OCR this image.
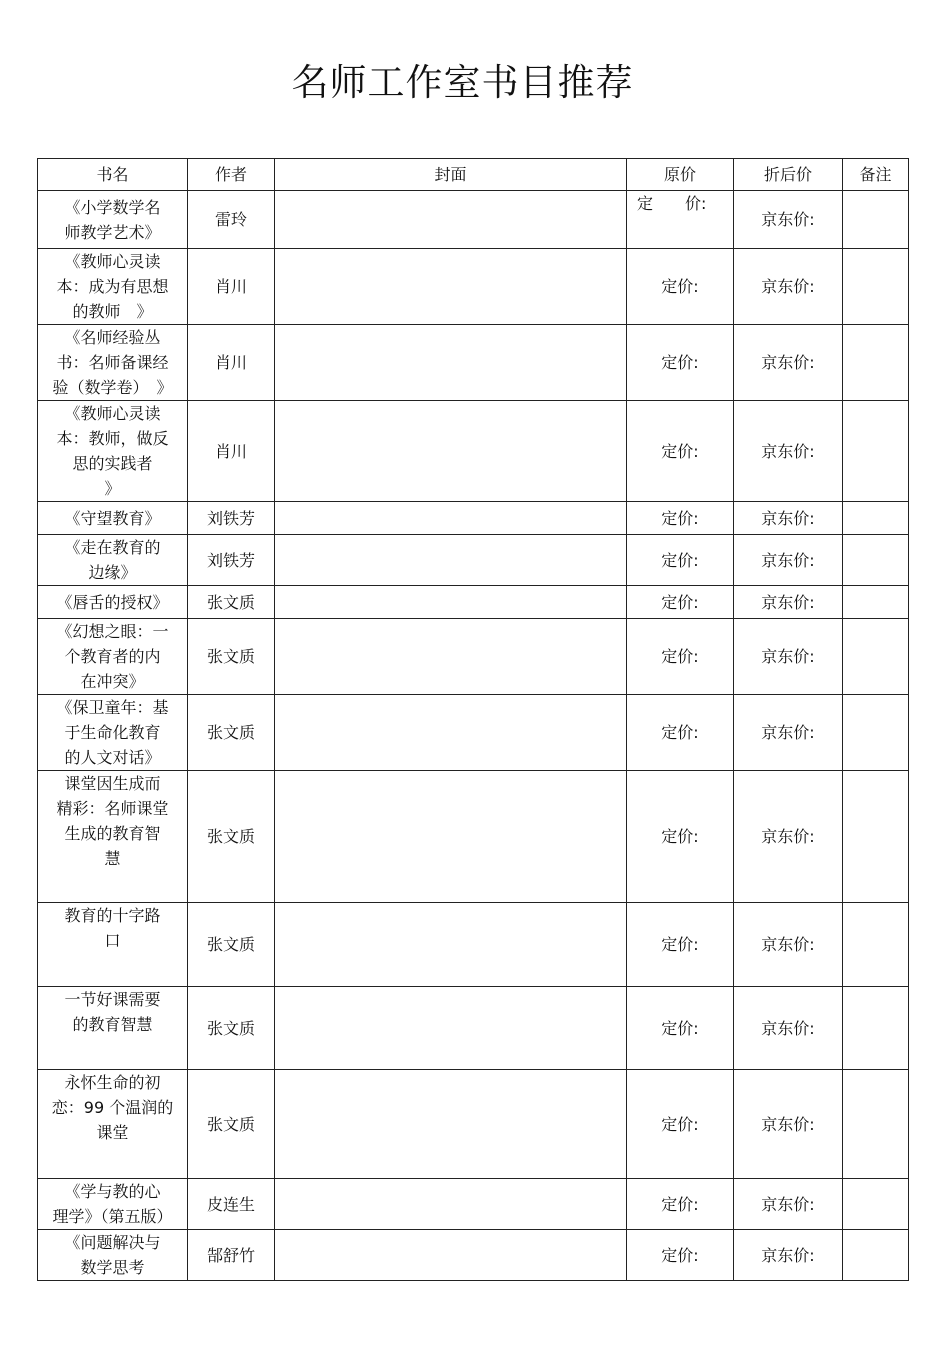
名师工作室书目推荐
书名	作者	封面	原价	折后价	备注
《小学数学名
师教学艺术》	雷玲		定　　价:	京东价:	
《教师心灵读
本：成为有思想
的教师　》	肖川		定价:	京东价:	
《名师经验丛
书：名师备课经
验（数学卷）　》	肖川		定价:	京东价:	
《教师心灵读
本：教师，做反
思的实践者
》	肖川		定价:	京东价:	
《守望教育》	刘铁芳		定价:	京东价:	
《走在教育的
边缘》	刘铁芳		定价:	京东价:	
《唇舌的授权》	张文质		定价:	京东价:	
《幻想之眼：一
个教育者的内
在冲突》	张文质		定价:	京东价:	
《保卫童年：基
于生命化教育
的人文对话》	张文质		定价:	京东价:	
课堂因生成而
精彩：名师课堂
生成的教育智
慧	张文质		定价:	京东价:	
教育的十字路
口	张文质		定价:	京东价:	
一节好课需要
的教育智慧	张文质		定价:	京东价:	
永怀生命的初
恋：99 个温润的
课堂	张文质		定价:	京东价:	
《学与教的心
理学》（第五版）	皮连生		定价:	京东价:	
《问题解决与
数学思考	郜舒竹		定价:	京东价:	
